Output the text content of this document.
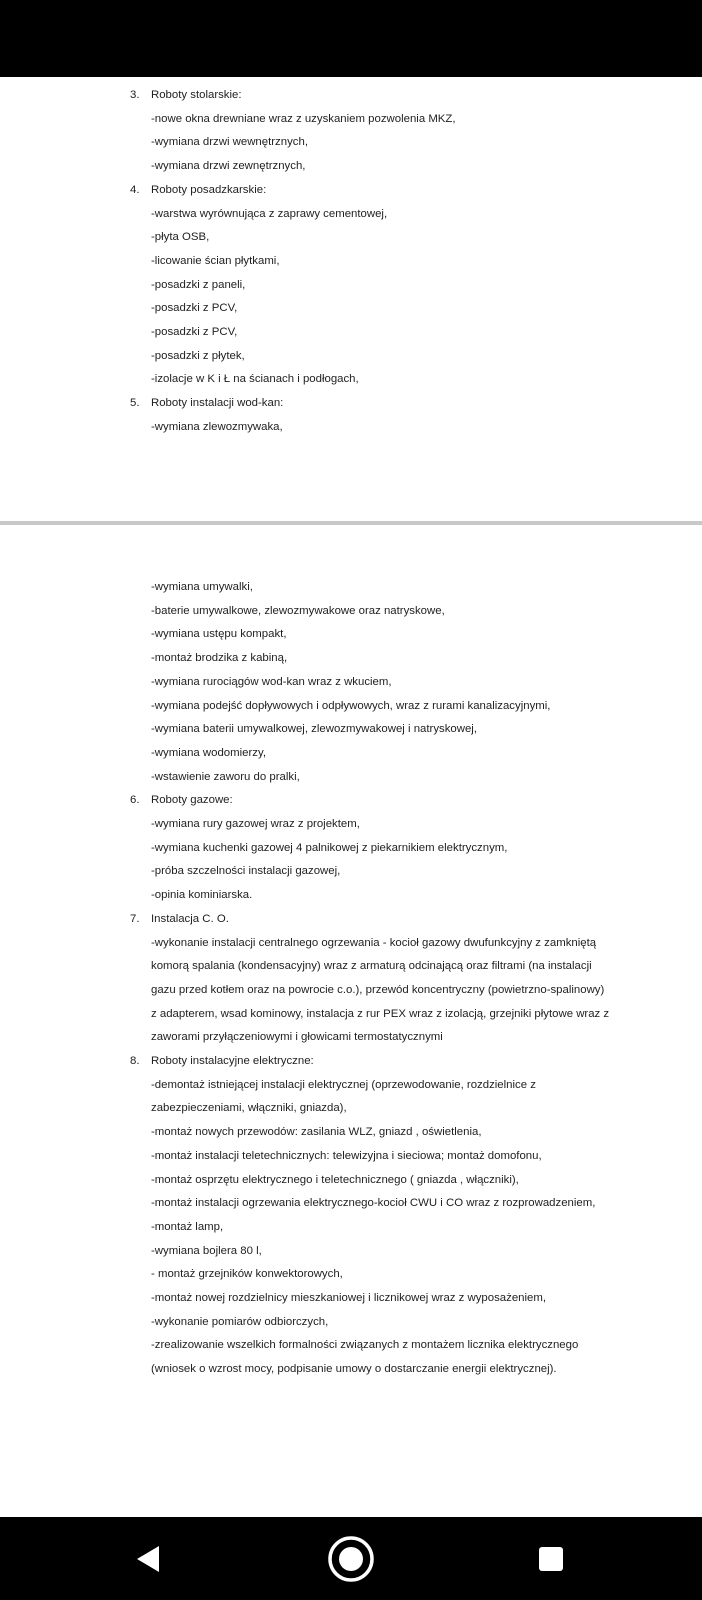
3. Roboty stolarskie:
-nowe okna drewniane wraz z uzyskaniem pozwolenia MKZ,
-wymiana drzwi wewnętrznych,
-wymiana drzwi zewnętrznych,
4. Roboty posadzkarskie:
-warstwa wyrównująca z zaprawy cementowej,
-płyta OSB,
-licowanie ścian płytkami,
-posadzki z paneli,
-posadzki z PCV,
-posadzki z PCV,
-posadzki z płytek,
-izolacje w K i Ł na ścianach i podłogach,
5. Roboty instalacji wod-kan:
-wymiana zlewozmywaka,
-wymiana umywalki,
-baterie umywalkowe, zlewozmywakowe oraz natryskowe,
-wymiana ustępu kompakt,
-montaż brodzika z kabiną,
-wymiana rurociągów wod-kan wraz z wkuciem,
-wymiana podejść dopływowych i odpływowych, wraz z rurami kanalizacyjnymi,
-wymiana baterii umywalkowej, zlewozmywakowej i natryskowej,
-wymiana wodomierzy,
-wstawienie zaworu do pralki,
6. Roboty gazowe:
-wymiana rury gazowej wraz z projektem,
-wymiana kuchenki gazowej 4 palnikowej z piekarnikiem elektrycznym,
-próba szczelności instalacji gazowej,
-opinia kominiarska.
7. Instalacja C. O.
-wykonanie instalacji centralnego ogrzewania - kocioł gazowy dwufunkcyjny z zamkniętą
komorą spalania (kondensacyjny) wraz z armaturą odcinającą oraz filtrami (na instalacji
gazu przed kotłem oraz na powrocie c.o.), przewód koncentryczny (powietrzno-spalinowy)
z adapterem, wsad kominowy, instalacja z rur PEX wraz z izolacją, grzejniki płytowe wraz z
zaworami przyłączeniowymi i głowicami termostatycznymi
8. Roboty instalacyjne elektryczne:
-demontaż istniejącej instalacji elektrycznej (oprzewodowanie, rozdzielnice z
zabezpieczeniami, włączniki, gniazda),
-montaż nowych przewodów: zasilania WLZ, gniazd , oświetlenia,
-montaż instalacji teletechnicznych: telewizyjna i sieciowa; montaż domofonu,
-montaż osprzętu elektrycznego i teletechnicznego ( gniazda , włączniki),
-montaż instalacji ogrzewania elektrycznego-kocioł CWU i CO wraz z rozprowadzeniem,
-montaż lamp,
-wymiana bojlera 80 l,
- montaż grzejników konwektorowych,
-montaż nowej rozdzielnicy mieszkaniowej i licznikowej wraz z wyposażeniem,
-wykonanie pomiarów odbiorczych,
-zrealizowanie wszelkich formalności związanych z montażem licznika elektrycznego
(wniosek o wzrost mocy, podpisanie umowy o dostarczanie energii elektrycznej).
